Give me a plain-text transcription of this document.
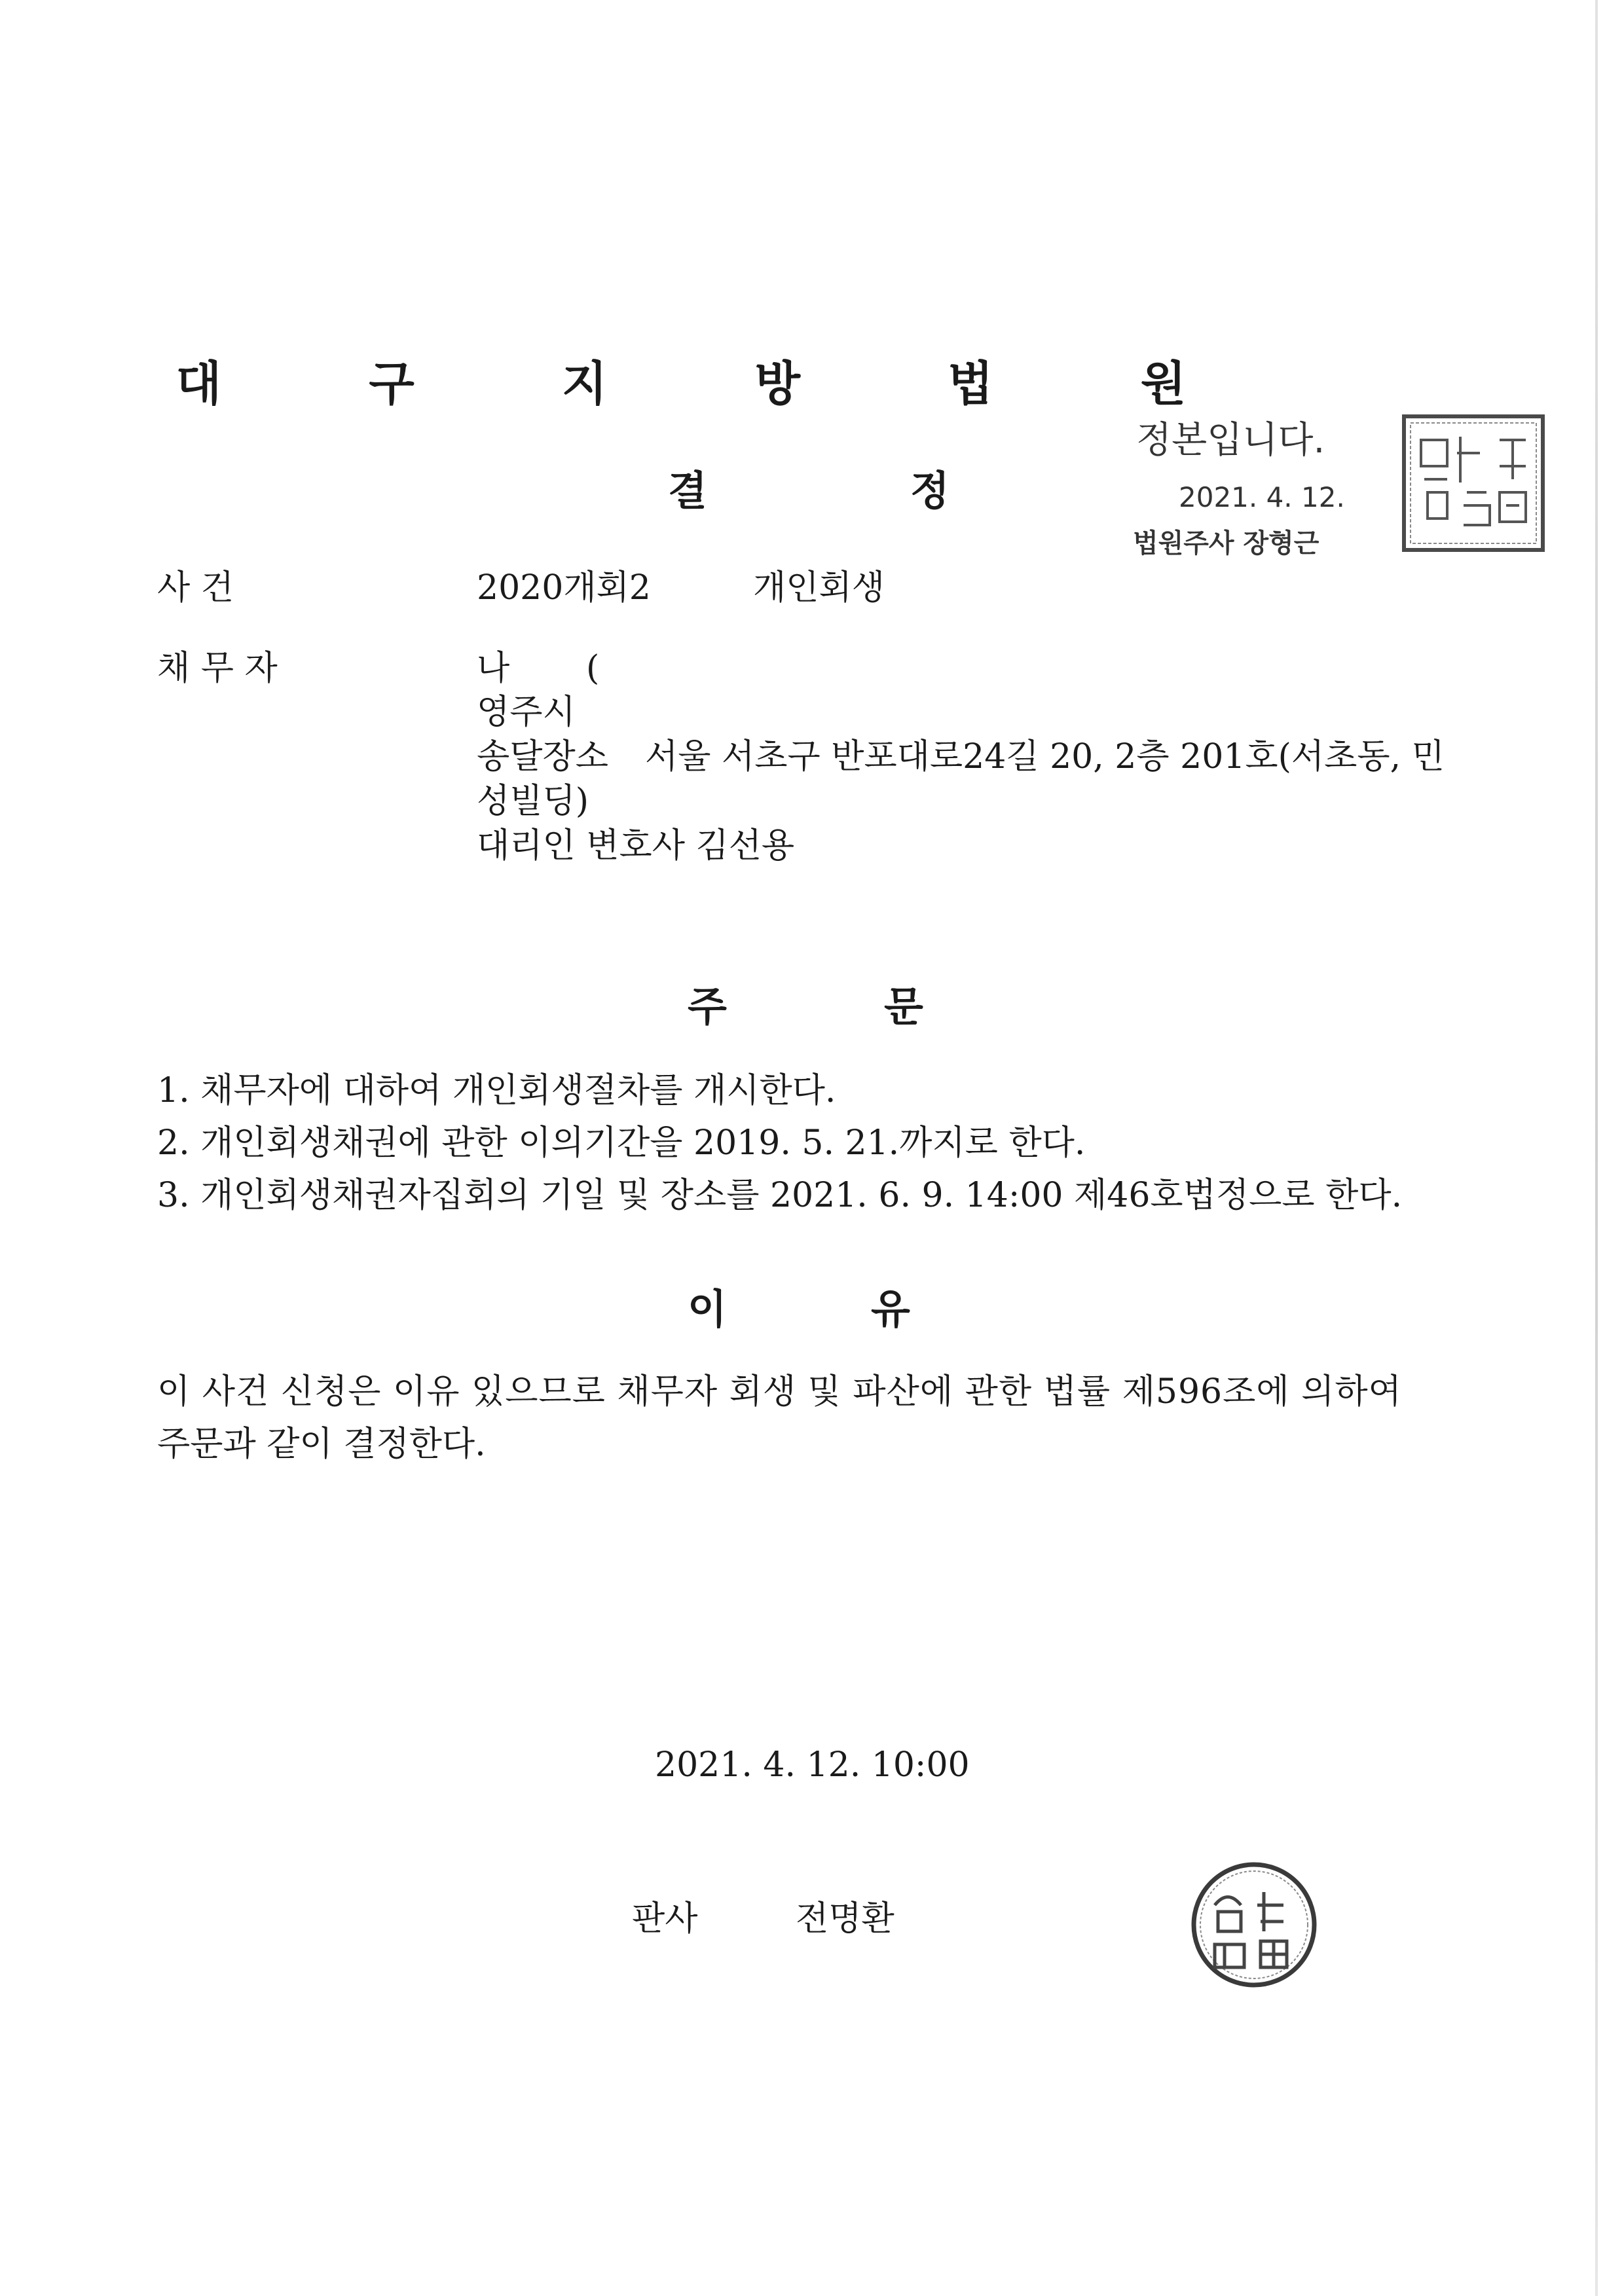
대 구 지 방 법 원
결	정
정본입니다.
2021. 4. 12.
법원주사 장형근
사 건	2020개회2	개인회생
채 무 자	나 (
영주시
송달장소 서울 서초구 반포대로24길 20, 2층 201호(서초동, 민
성빌딩)
대리인 변호사 김선용
주	문
1. 채무자에 대하여 개인회생절차를 개시한다.
2. 개인회생채권에 관한 이의기간을 2019. 5. 21.까지로 한다.
3. 개인회생채권자집회의 기일 및 장소를 2021. 6. 9. 14:00 제46호법정으로 한다.
이	유
이 사건 신청은 이유 있으므로 채무자 회생 및 파산에 관한 법률 제596조에 의하여
주문과 같이 결정한다.
2021. 4. 12. 10:00
판사	전명환
